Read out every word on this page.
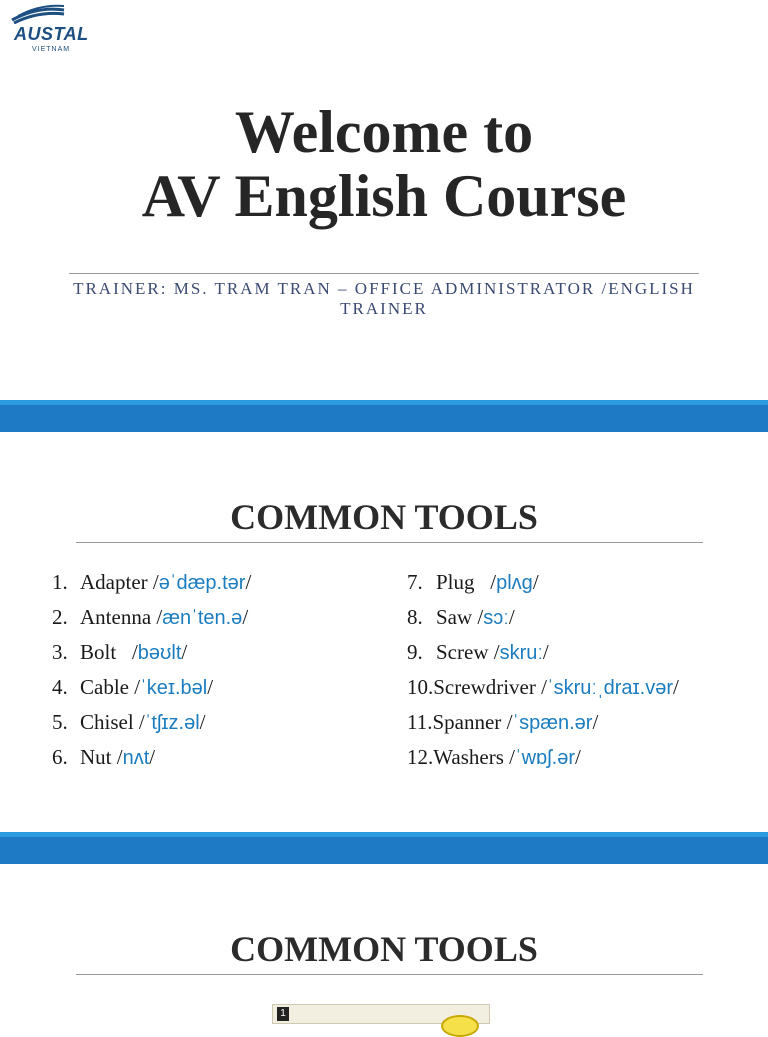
AUSTAL
VIETNAM
Welcome to
AV English Course
TRAINER: MS. TRAM TRAN – OFFICE ADMINISTRATOR /ENGLISH
TRAINER
COMMON TOOLS
1. Adapter /əˈdæp.tər/
2. Antenna /ænˈten.ə/
3. Bolt   /bəʊlt/
4. Cable /ˈkeɪ.bəl/
5. Chisel /ˈtʃɪz.əl/
6. Nut /nʌt/
7. Plug   /plʌg/
8. Saw /sɔː/
9. Screw /skruː/
10.Screwdriver /ˈskruːˌdraɪ.vər/
11.Spanner /ˈspæn.ər/
12.Washers /ˈwɒʃ.ər/
COMMON TOOLS
1
